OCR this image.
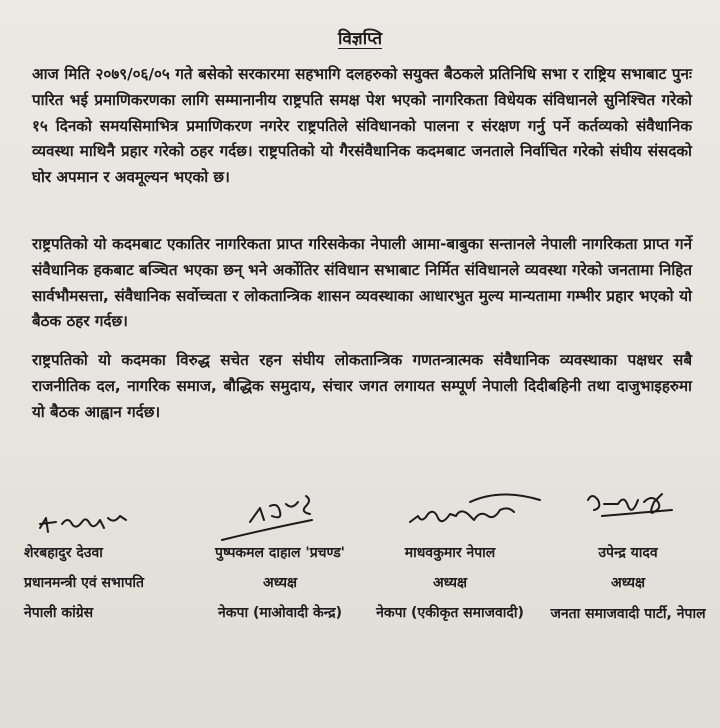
विज्ञप्ति

आज मिति २०७९/०६/०५ गते बसेको सरकारमा सहभागि दलहरुको सयुक्त बैठकले प्रतिनिधि सभा र राष्ट्रिय सभाबाट पुनः पारित भई प्रमाणिकरणका लागि सम्मानानीय राष्ट्रपति समक्ष पेश भएको नागरिकता विधेयक संविधानले सुनिश्चित गरेको १५ दिनको समयसिमाभित्र प्रमाणिकरण नगरेर राष्ट्रपतिले संविधानको पालना र संरक्षण गर्नु पर्ने कर्तव्यको संवैधानिक व्यवस्था माथिनै प्रहार गरेको ठहर गर्दछ। राष्ट्रपतिको यो गैरसंवैधानिक कदमबाट जनताले निर्वाचित गरेको संघीय संसदको घोर अपमान र अवमूल्यन भएको छ।

राष्ट्रपतिको यो कदमबाट एकातिर नागरिकता प्राप्त गरिसकेका नेपाली आमा-बाबुका सन्तानले नेपाली नागरिकता प्राप्त गर्ने संवैधानिक हकबाट बञ्चित भएका छन् भने अर्कोतिर संविधान सभाबाट निर्मित संविधानले व्यवस्था गरेको जनतामा निहित सार्वभौमसत्ता, संवैधानिक सर्वोच्चता र लोकतान्त्रिक शासन व्यवस्थाका आधारभुत मुल्य मान्यतामा गम्भीर प्रहार भएको यो बैठक ठहर गर्दछ।

राष्ट्रपतिको यो कदमका विरुद्ध सचेत रहन संघीय लोकतान्त्रिक गणतन्त्रात्मक संवैधानिक व्यवस्थाका पक्षधर सबै राजनीतिक दल, नागरिक समाज, बौद्धिक समुदाय, संचार जगत लगायत सम्पूर्ण नेपाली दिदीबहिनी तथा दाजुभाइहरुमा यो बैठक आह्वान गर्दछ।

शेरबहादुर देउवा
प्रधानमन्त्री एवं सभापति
नेपाली कांग्रेस
पुष्पकमल दाहाल 'प्रचण्ड'
अध्यक्ष
नेकपा (माओवादी केन्द्र)
माधवकुमार नेपाल
अध्यक्ष
नेकपा (एकीकृत समाजवादी)
उपेन्द्र यादव
अध्यक्ष
जनता समाजवादी पार्टी, नेपाल
